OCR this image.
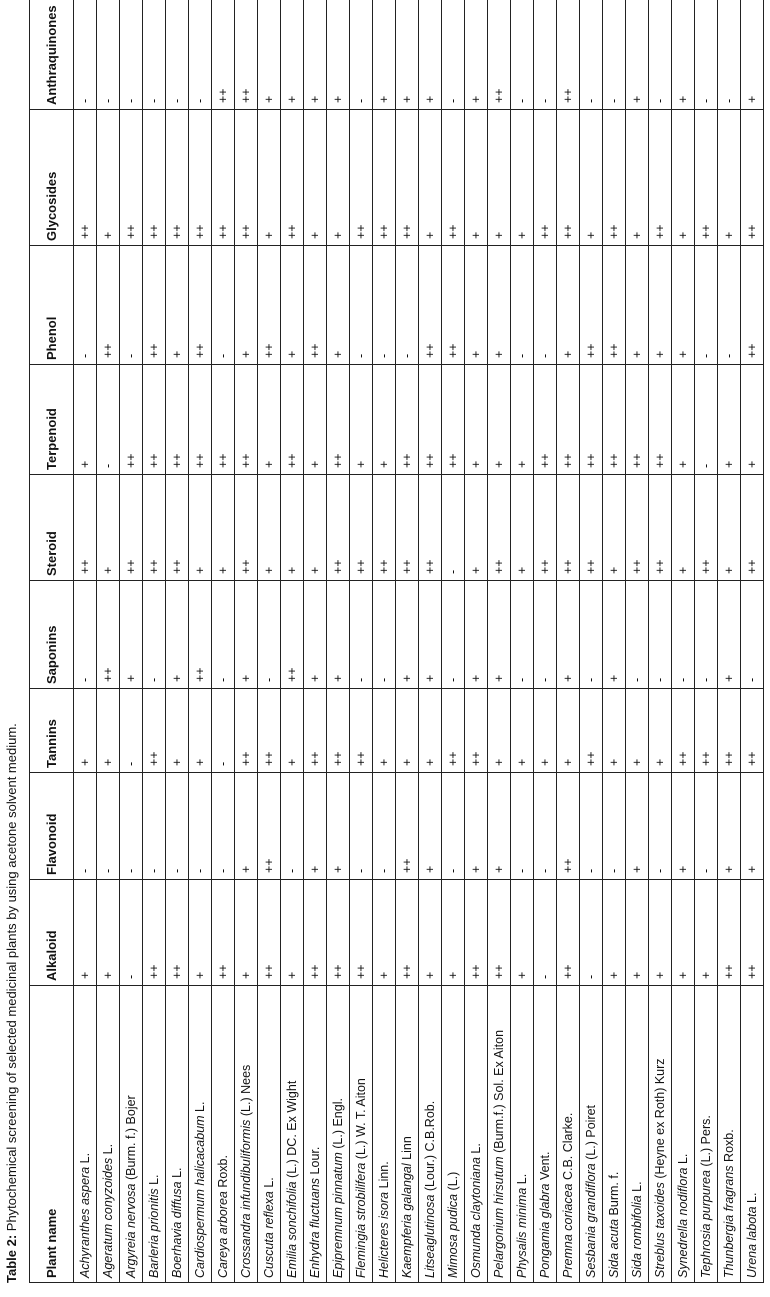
Table 2: Phytochemical screening of selected medicinal plants by using acetone solvent medium.
Plant name	Alkaloid	Flavonoid	Tannins	Saponins	Steroid	Terpenoid	Phenol	Glycosides	Anthraquinones
Achyranthes aspera L.	+	-	+	-	++	+	-	++	-
Ageratum conyzoides L.	+	-	+	++	+	-	++	+	-
Argyreia nervosa (Burm. f.) Bojer	-	-	-	+	++	++	-	++	-
Barleria prionitis L.	++	-	++	-	++	++	++	++	-
Boerhavia diffusa L.	++	-	+	+	++	++	+	++	-
Cardiospermum halicacabum L.	+	-	+	++	+	++	++	++	-
Careya arborea Roxb.	++	-	-	-	+	++	-	++	++
Crossandra infundibuliformis (L.) Nees	+	+	++	+	++	++	+	++	++
Cuscuta reflexa L.	++	++	++	-	+	+	++	+	+
Emilia sonchifolia (L.) DC. Ex Wight	+	-	+	++	+	++	+	++	+
Enhydra fluctuans Lour.	++	+	++	+	+	+	++	+	+
Epipremnum pinnatum (L.) Engl.	++	+	++	+	++	++	+	+	+
Flemingia strobilifera (L.) W. T. Aiton	++	-	++	-	++	+	-	++	-
Helicteres isora Linn.	+	-	+	-	++	+	-	++	+
Kaempferia galangal Linn	++	++	+	+	++	++	-	++	+
Litseaglutinosa (Lour.) C.B.Rob.	+	+	+	+	++	++	++	+	+
Mimosa pudica (L.)	+	-	++	-	-	++	++	++	-
Osmunda claytoniana L.	++	+	++	+	+	+	+	+	+
Pelargonium hirsutum (Burm.f.) Sol. Ex Aiton	++	+	+	+	++	+	+	+	++
Physalis minima L.	+	-	+	-	+	+	-	+	-
Pongamia glabra Vent.	-	-	+	-	++	++	-	++	-
Premna coriacea C.B. Clarke.	++	++	+	+	++	++	+	++	++
Sesbania grandiflora (L.) Poiret	-	-	++	-	++	++	++	+	-
Sida acuta Burm. f.	+	-	+	+	+	++	++	++	-
Sida rombifolia L.	+	+	+	-	++	++	+	+	+
Streblus taxoides (Heyne ex Roth) Kurz	+	-	+	-	++	++	+	++	-
Synedrella nodiflora L.	+	+	++	-	+	+	+	+	+
Tephrosia purpurea (L.) Pers.	+	-	++	-	++	-	-	++	-
Thunbergia fragrans Roxb.	++	+	++	+	+	+	-	+	-
Urena labota L.	++	+	++	-	++	+	++	++	+
